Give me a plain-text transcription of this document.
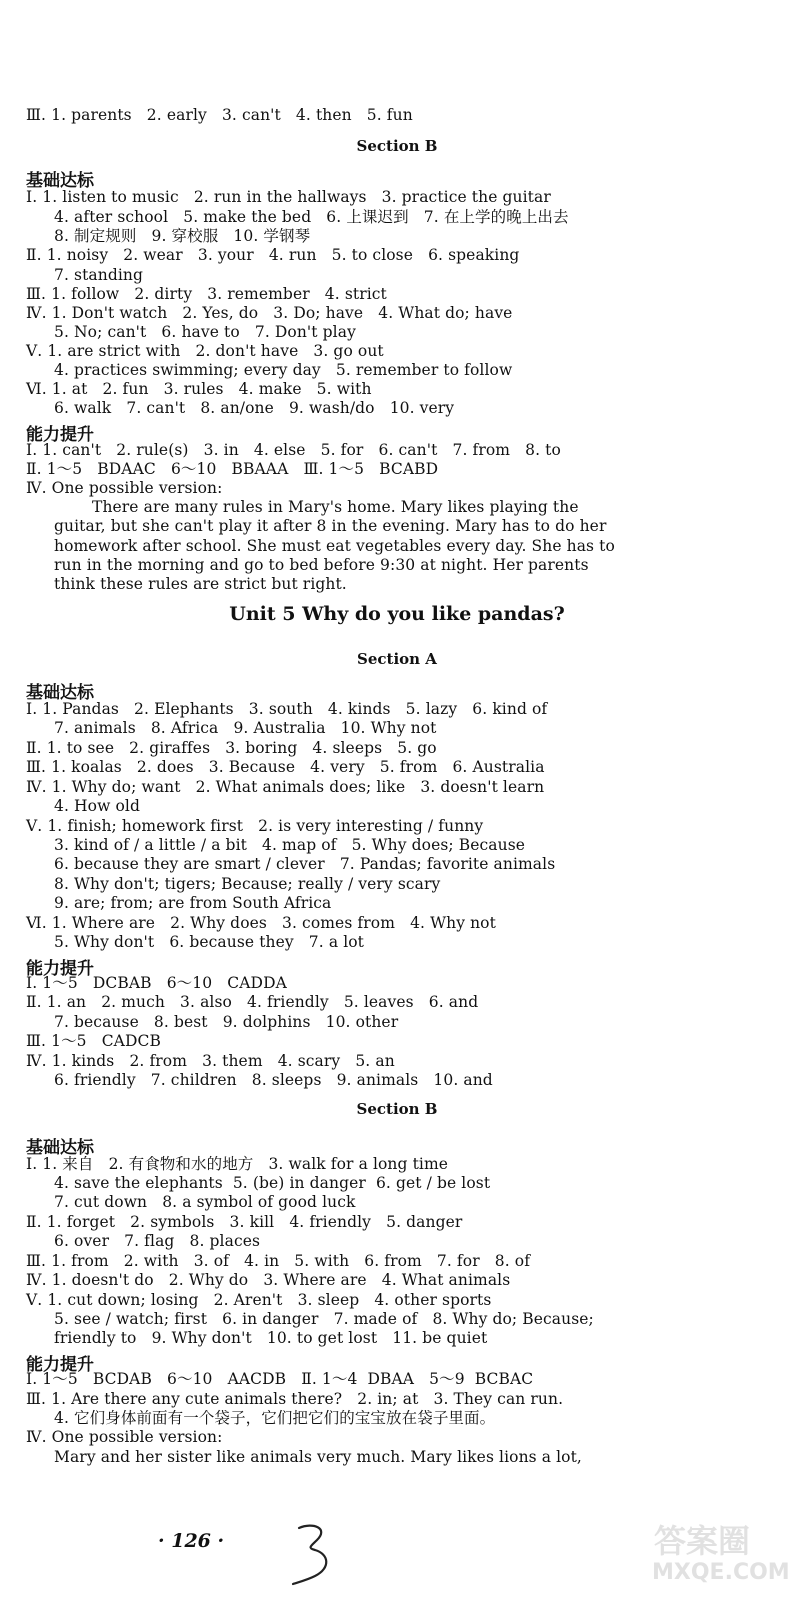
Ⅲ. 1. parents   2. early   3. can't   4. then   5. fun
Section B
基础达标
Ⅰ. 1. listen to music   2. run in the hallways   3. practice the guitar
4. after school   5. make the bed   6. 上课迟到   7. 在上学的晚上出去
8. 制定规则   9. 穿校服   10. 学钢琴
Ⅱ. 1. noisy   2. wear   3. your   4. run   5. to close   6. speaking
7. standing
Ⅲ. 1. follow   2. dirty   3. remember   4. strict
Ⅳ. 1. Don't watch   2. Yes, do   3. Do; have   4. What do; have
5. No; can't   6. have to   7. Don't play
Ⅴ. 1. are strict with   2. don't have   3. go out
4. practices swimming; every day   5. remember to follow
Ⅵ. 1. at   2. fun   3. rules   4. make   5. with
6. walk   7. can't   8. an/one   9. wash/do   10. very
能力提升
Ⅰ. 1. can't   2. rule(s)   3. in   4. else   5. for   6. can't   7. from   8. to
Ⅱ. 1～5   BDAAC   6～10   BBAAA   Ⅲ. 1～5   BCABD
Ⅳ. One possible version:
There are many rules in Mary's home. Mary likes playing the
guitar, but she can't play it after 8 in the evening. Mary has to do her
homework after school. She must eat vegetables every day. She has to
run in the morning and go to bed before 9:30 at night. Her parents
think these rules are strict but right.
Unit 5 Why do you like pandas?
Section A
基础达标
Ⅰ. 1. Pandas   2. Elephants   3. south   4. kinds   5. lazy   6. kind of
7. animals   8. Africa   9. Australia   10. Why not
Ⅱ. 1. to see   2. giraffes   3. boring   4. sleeps   5. go
Ⅲ. 1. koalas   2. does   3. Because   4. very   5. from   6. Australia
Ⅳ. 1. Why do; want   2. What animals does; like   3. doesn't learn
4. How old
Ⅴ. 1. finish; homework first   2. is very interesting / funny
3. kind of / a little / a bit   4. map of   5. Why does; Because
6. because they are smart / clever   7. Pandas; favorite animals
8. Why don't; tigers; Because; really / very scary
9. are; from; are from South Africa
Ⅵ. 1. Where are   2. Why does   3. comes from   4. Why not
5. Why don't   6. because they   7. a lot
能力提升
Ⅰ. 1～5   DCBAB   6～10   CADDA
Ⅱ. 1. an   2. much   3. also   4. friendly   5. leaves   6. and
7. because   8. best   9. dolphins   10. other
Ⅲ. 1～5   CADCB
Ⅳ. 1. kinds   2. from   3. them   4. scary   5. an
6. friendly   7. children   8. sleeps   9. animals   10. and
Section B
基础达标
Ⅰ. 1. 来自   2. 有食物和水的地方   3. walk for a long time
4. save the elephants  5. (be) in danger  6. get / be lost
7. cut down   8. a symbol of good luck
Ⅱ. 1. forget   2. symbols   3. kill   4. friendly   5. danger
6. over   7. flag   8. places
Ⅲ. 1. from   2. with   3. of   4. in   5. with   6. from   7. for   8. of
Ⅳ. 1. doesn't do   2. Why do   3. Where are   4. What animals
Ⅴ. 1. cut down; losing   2. Aren't   3. sleep   4. other sports
5. see / watch; first   6. in danger   7. made of   8. Why do; Because;
friendly to   9. Why don't   10. to get lost   11. be quiet
能力提升
Ⅰ. 1～5   BCDAB   6～10   AACDB   Ⅱ. 1～4  DBAA   5～9  BCBAC
Ⅲ. 1. Are there any cute animals there?   2. in; at   3. They can run.
4. 它们身体前面有一个袋子，它们把它们的宝宝放在袋子里面。
Ⅳ. One possible version:
Mary and her sister like animals very much. Mary likes lions a lot,
· 126 ·	答案圈
MXQE.COM
